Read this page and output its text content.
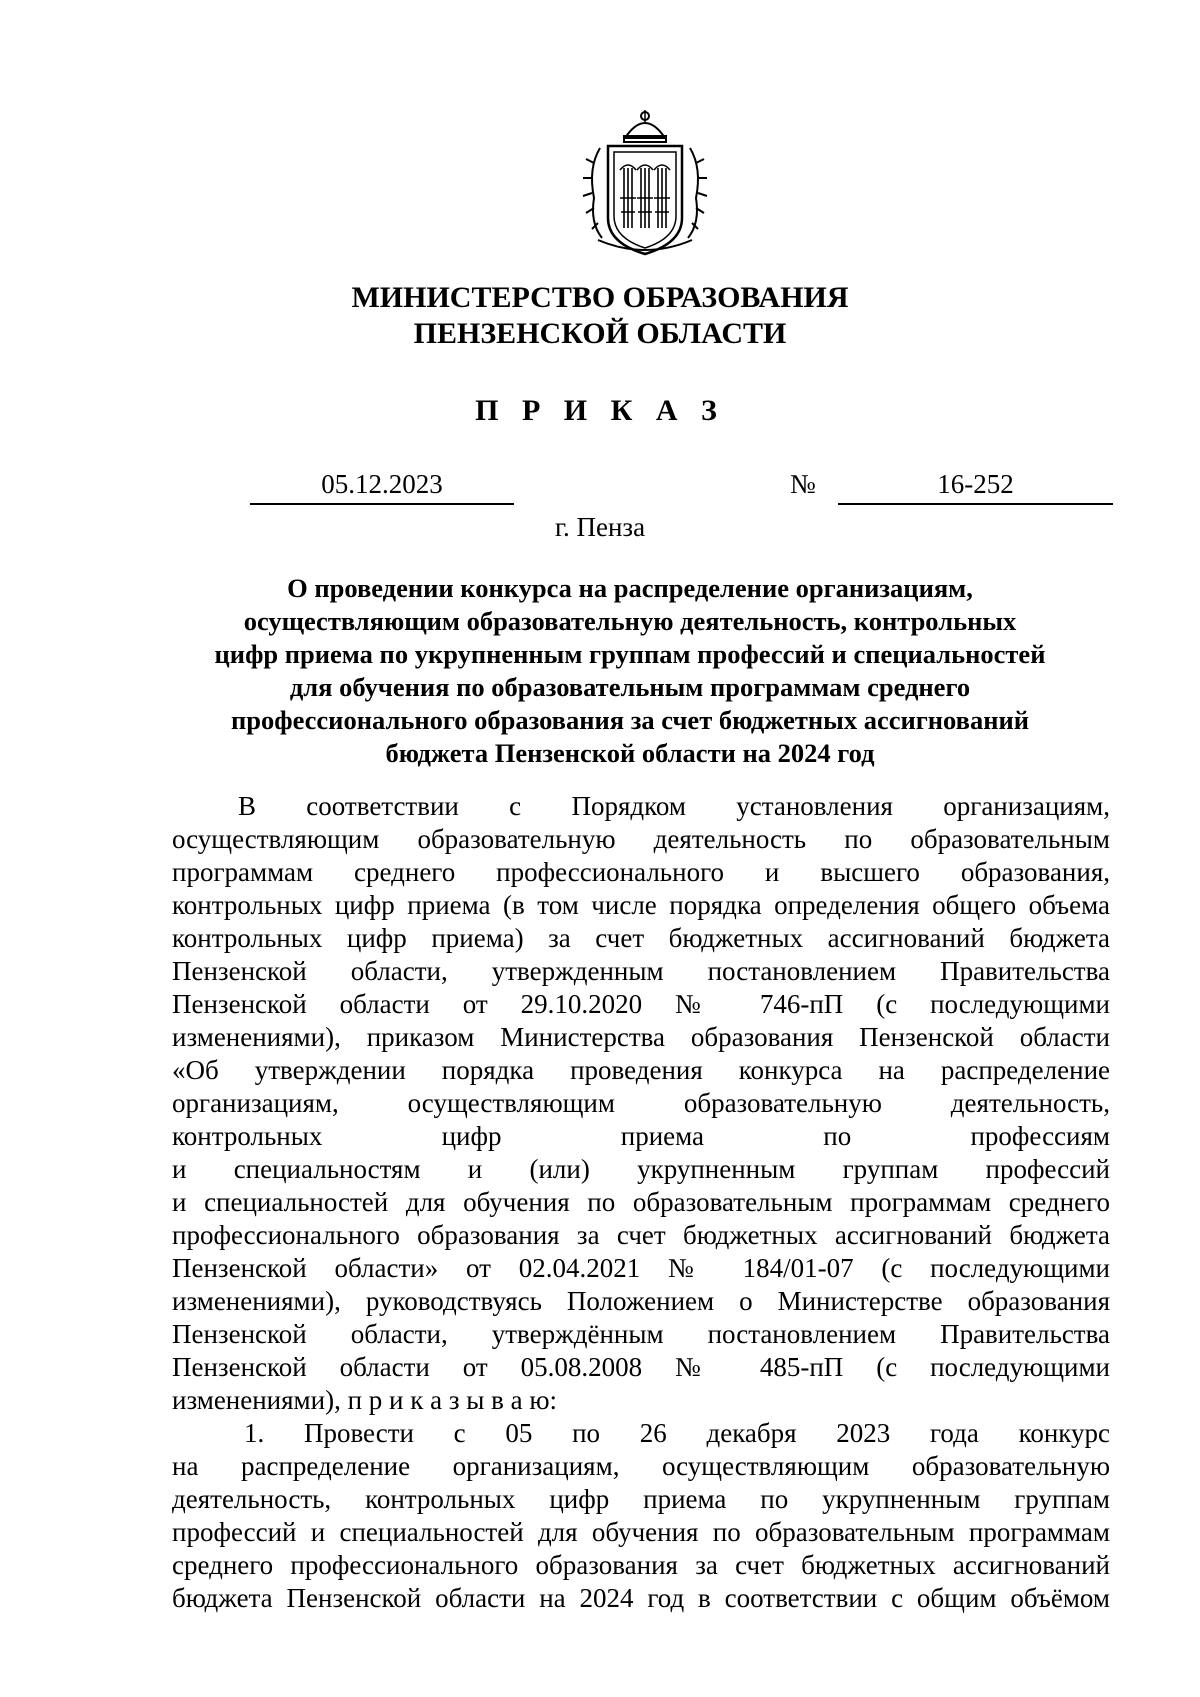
МИНИСТЕРСТВО ОБРАЗОВАНИЯ
ПЕНЗЕНСКОЙ ОБЛАСТИ
П Р И К А З
05.12.2023	№	16-252
г. Пенза
О проведении конкурса на распределение организациям,
осуществляющим образовательную деятельность, контрольных
цифр приема по укрупненным группам профессий и специальностей
для обучения по образовательным программам среднего
профессионального образования за счет бюджетных ассигнований
бюджета Пензенской области на 2024 год
В соответствии с Порядком установления организациям,
осуществляющим образовательную деятельность по образовательным
программам среднего профессионального и высшего образования,
контрольных цифр приема (в том числе порядка определения общего объема
контрольных цифр приема) за счет бюджетных ассигнований бюджета
Пензенской области, утвержденным постановлением Правительства
Пензенской области от 29.10.2020 № 746-пП (с последующими
изменениями), приказом Министерства образования Пензенской области
«Об утверждении порядка проведения конкурса на распределение
организациям, осуществляющим образовательную деятельность,
контрольных цифр приема по профессиям
и специальностям и (или) укрупненным группам профессий
и специальностей для обучения по образовательным программам среднего
профессионального образования за счет бюджетных ассигнований бюджета
Пензенской области» от 02.04.2021 № 184/01-07 (с последующими
изменениями), руководствуясь Положением о Министерстве образования
Пензенской области, утверждённым постановлением Правительства
Пензенской области от 05.08.2008 № 485-пП (с последующими
изменениями), п р и к а з ы в а ю:
1. Провести с 05 по 26 декабря 2023 года конкурс
на распределение организациям, осуществляющим образовательную
деятельность, контрольных цифр приема по укрупненным группам
профессий и специальностей для обучения по образовательным программам
среднего профессионального образования за счет бюджетных ассигнований
бюджета Пензенской области на 2024 год в соответствии с общим объёмом
